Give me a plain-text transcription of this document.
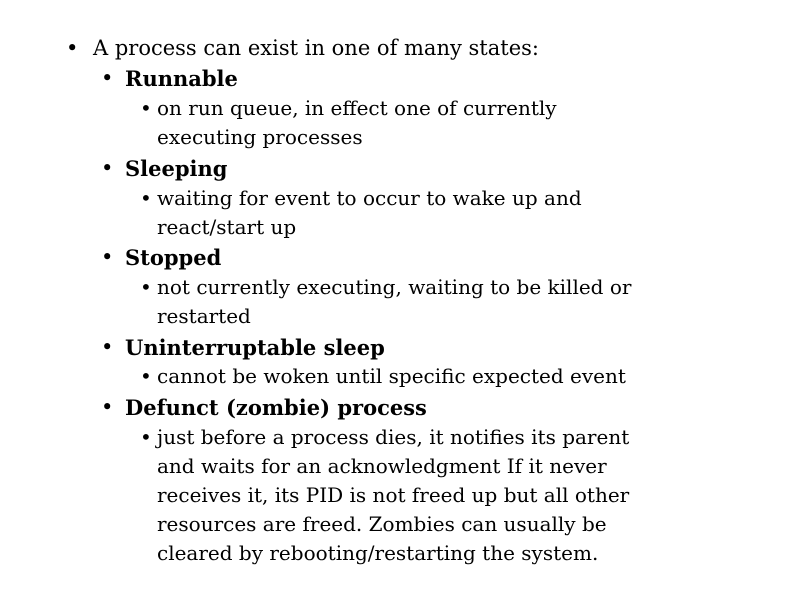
• A process can exist in one of many states:
• Runnable
• on run queue, in effect one of currently
executing processes
• Sleeping
• waiting for event to occur to wake up and
react/start up
• Stopped
• not currently executing, waiting to be killed or
restarted
• Uninterruptable sleep
• cannot be woken until specific expected event
• Defunct (zombie) process
• just before a process dies, it notifies its parent
and waits for an acknowledgment If it never
receives it, its PID is not freed up but all other
resources are freed. Zombies can usually be
cleared by rebooting/restarting the system.
